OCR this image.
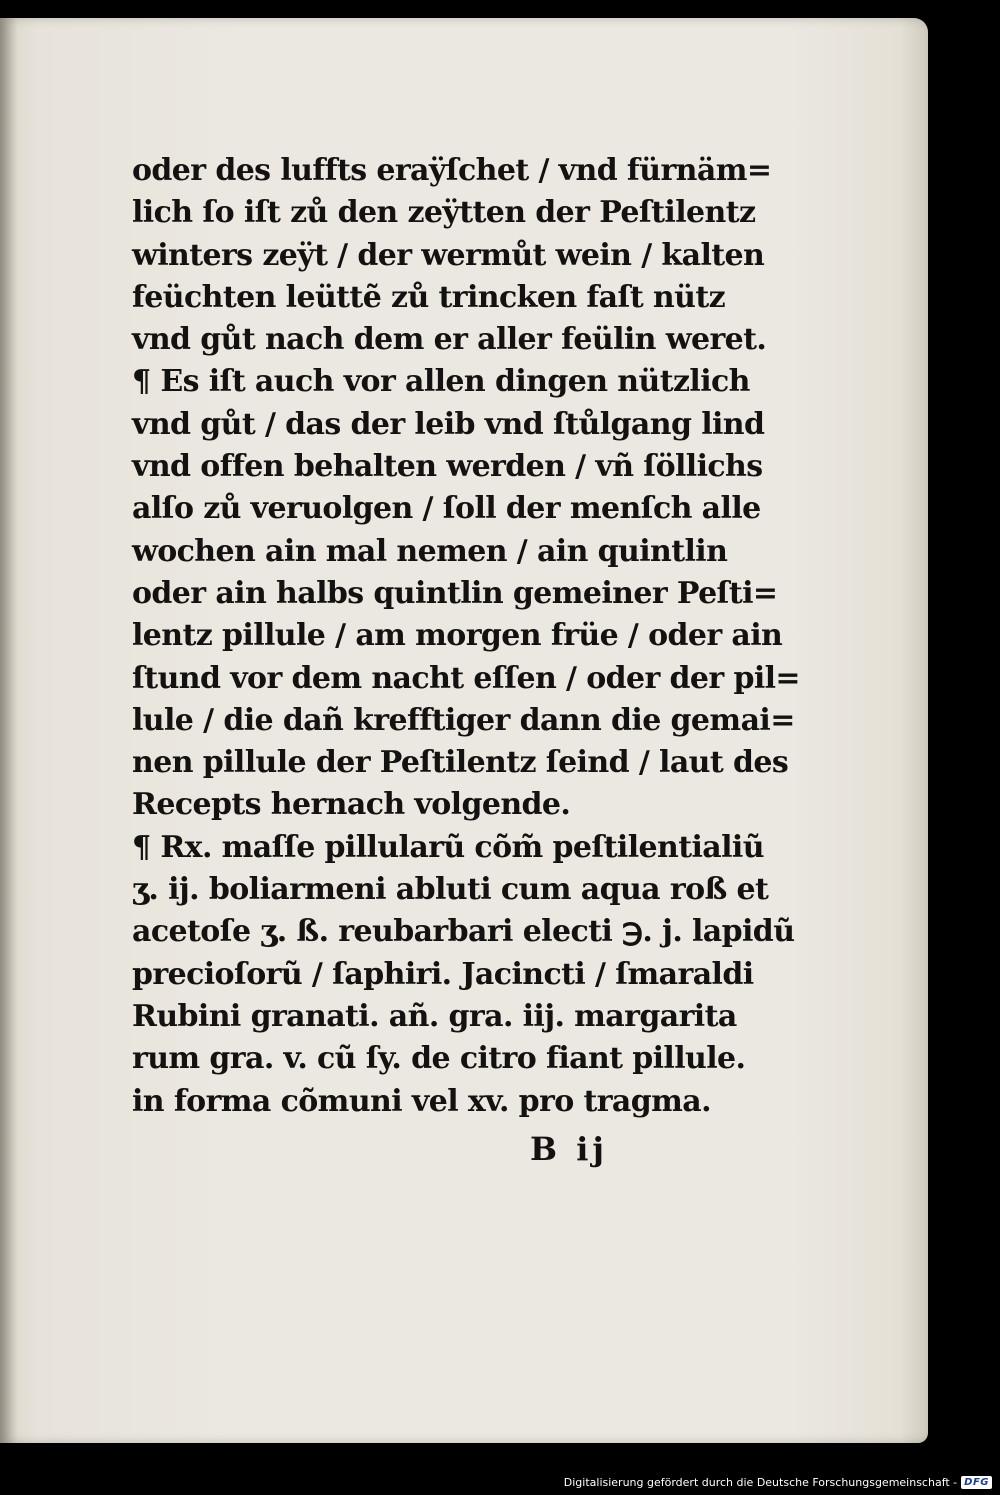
oder des luffts eraÿſchet / vnd fürnäm=
lich ſo iſt zů den zeÿtten der Peſtilentz
winters zeÿt / der wermůt wein / kalten
feüchten leüttẽ zů trincken faſt nütz
vnd gůt nach dem er aller feülin weret.
¶ Es iſt auch vor allen dingen nützlich
vnd gůt / das der leib vnd ſtůlgang lind
vnd offen behalten werden / vñ ſöllichs
alſo zů veruolgen / ſoll der menſch alle
wochen ain mal nemen / ain quintlin
oder ain halbs quintlin gemeiner Peſti=
lentz pillule / am morgen früe / oder ain
ſtund vor dem nacht eſſen / oder der pil=
lule / die dañ krefftiger dann die gemai=
nen pillule der Peſtilentz ſeind / laut des
Recepts hernach volgende.
¶ Rx. maſſe pillularũ cõm̃ peſtilentialiũ
ʒ. ij. boliarmeni abluti cum aqua roß et
acetoſe ʒ. ß. reubarbari electi ℈. j. lapidũ
precioſorũ / ſaphiri. Jacincti / ſmaraldi
Rubini granati. añ. gra. iij. margarita
rum gra. v. cũ ſy. de citro fiant pillule.
in forma cõmuni vel xv. pro tragma.
B ij
Digitalisierung gefördert durch die Deutsche Forschungsgemeinschaft - DFG
